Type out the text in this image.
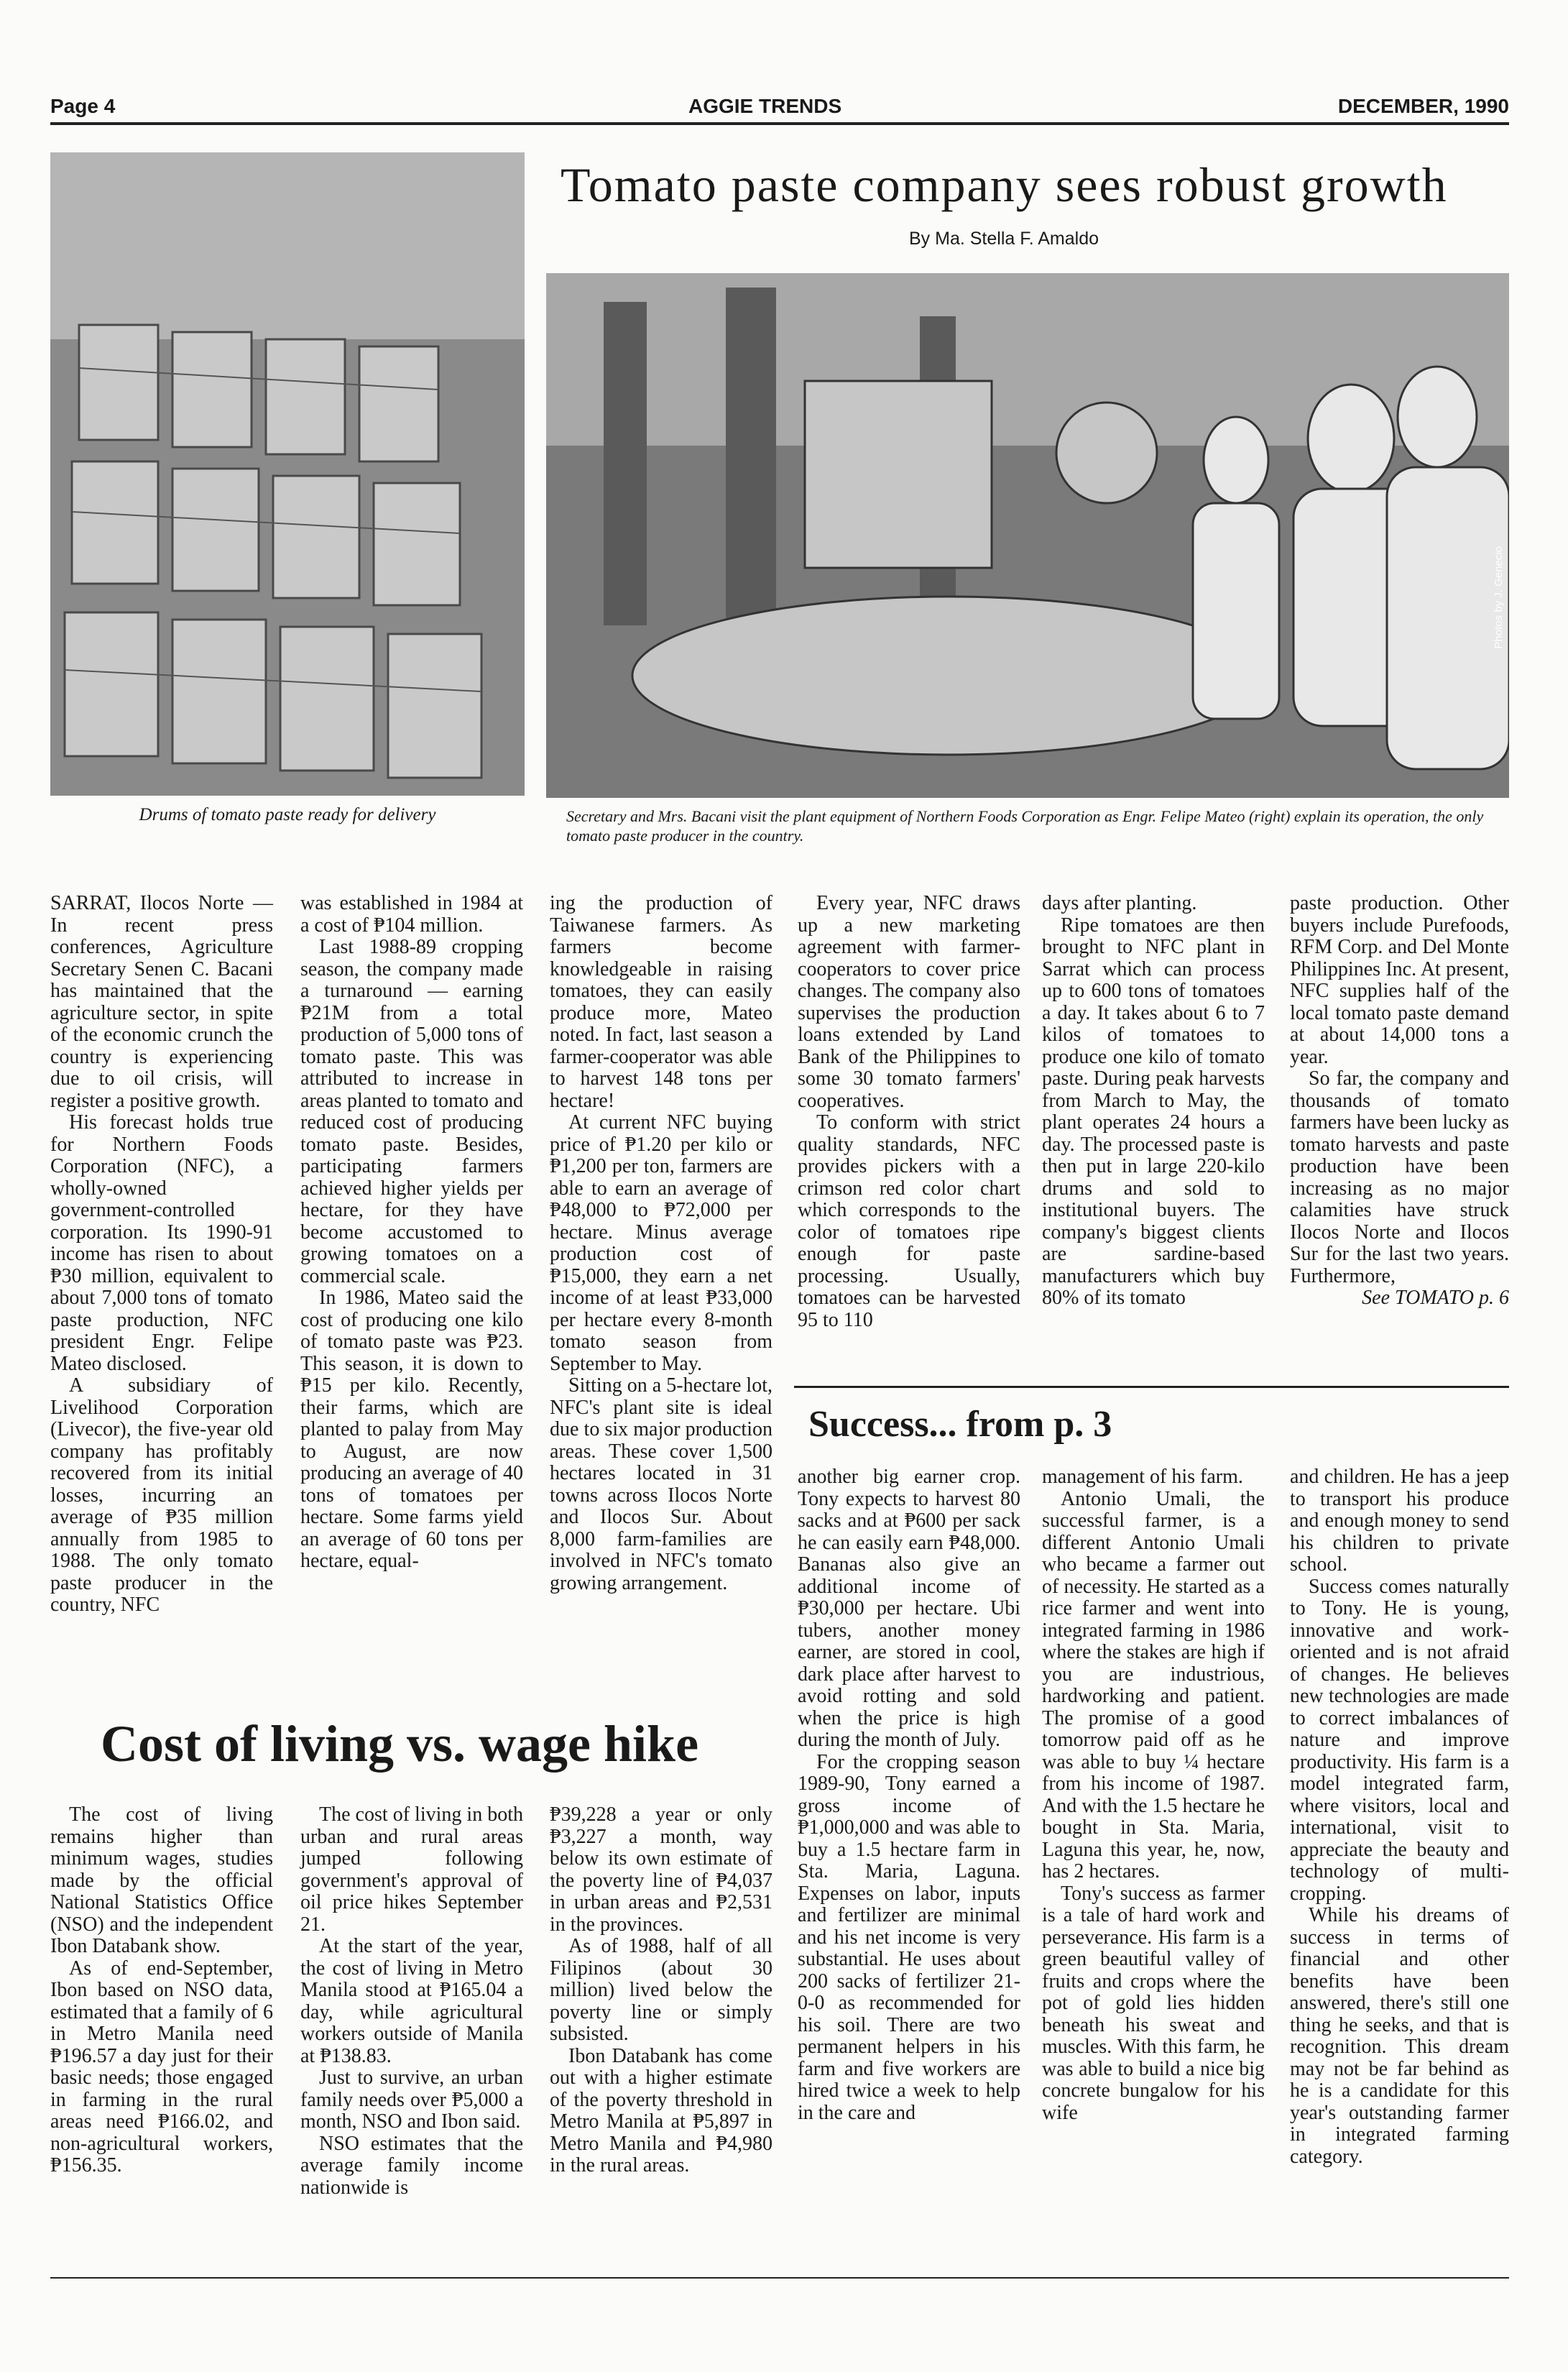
Page 4	AGGIE TRENDS	DECEMBER, 1990
Drums of tomato paste ready for delivery
Tomato paste company sees robust growth
By Ma. Stella F. Amaldo
Photos by J. Genecio
Secretary and Mrs. Bacani visit the plant equipment of Northern Foods Corporation as Engr. Felipe Mateo (right) explain its operation, the only tomato paste producer in the country.

SARRAT, Ilocos Norte — In recent press conferences, Agriculture Secretary Senen C. Bacani has maintained that the agriculture sector, in spite of the economic crunch the country is experiencing due to oil crisis, will register a positive growth.

His forecast holds true for Northern Foods Corporation (NFC), a wholly-owned government-controlled corporation. Its 1990-91 income has risen to about ₱30 million, equivalent to about 7,000 tons of tomato paste production, NFC president Engr. Felipe Mateo disclosed.

A subsidiary of Livelihood Corporation (Livecor), the five-year old company has profitably recovered from its initial losses, incurring an average of ₱35 million annually from 1985 to 1988. The only tomato paste producer in the country, NFC

was established in 1984 at a cost of ₱104 million.

Last 1988-89 cropping season, the company made a turnaround — earning ₱21M from a total production of 5,000 tons of tomato paste. This was attributed to increase in areas planted to tomato and reduced cost of producing tomato paste. Besides, participating farmers achieved higher yields per hectare, for they have become accustomed to growing tomatoes on a commercial scale.

In 1986, Mateo said the cost of producing one kilo of tomato paste was ₱23. This season, it is down to ₱15 per kilo. Recently, their farms, which are planted to palay from May to August, are now producing an average of 40 tons of tomatoes per hectare. Some farms yield an average of 60 tons per hectare, equal-

ing the production of Taiwanese farmers. As farmers become knowledgeable in raising tomatoes, they can easily produce more, Mateo noted. In fact, last season a farmer-cooperator was able to harvest 148 tons per hectare!

At current NFC buying price of ₱1.20 per kilo or ₱1,200 per ton, farmers are able to earn an average of ₱48,000 to ₱72,000 per hectare. Minus average production cost of ₱15,000, they earn a net income of at least ₱33,000 per hectare every 8-month tomato season from September to May.

Sitting on a 5-hectare lot, NFC's plant site is ideal due to six major production areas. These cover 1,500 hectares located in 31 towns across Ilocos Norte and Ilocos Sur. About 8,000 farm-families are involved in NFC's tomato growing arrangement.

Every year, NFC draws up a new marketing agreement with farmer-cooperators to cover price changes. The company also supervises the production loans extended by Land Bank of the Philippines to some 30 tomato farmers' cooperatives.

To conform with strict quality standards, NFC provides pickers with a crimson red color chart which corresponds to the color of tomatoes ripe enough for paste processing. Usually, tomatoes can be harvested 95 to 110

days after planting.

Ripe tomatoes are then brought to NFC plant in Sarrat which can process up to 600 tons of tomatoes a day. It takes about 6 to 7 kilos of tomatoes to produce one kilo of tomato paste. During peak harvests from March to May, the plant operates 24 hours a day. The processed paste is then put in large 220-kilo drums and sold to institutional buyers. The company's biggest clients are sardine-based manufacturers which buy 80% of its tomato

paste production. Other buyers include Purefoods, RFM Corp. and Del Monte Philippines Inc. At present, NFC supplies half of the local tomato paste demand at about 14,000 tons a year.

So far, the company and thousands of tomato farmers have been lucky as tomato harvests and paste production have been increasing as no major calamities have struck Ilocos Norte and Ilocos Sur for the last two years. Furthermore,

See TOMATO p. 6

Success... from p. 3

another big earner crop. Tony expects to harvest 80 sacks and at ₱600 per sack he can easily earn ₱48,000. Bananas also give an additional income of ₱30,000 per hectare. Ubi tubers, another money earner, are stored in cool, dark place after harvest to avoid rotting and sold when the price is high during the month of July.

For the cropping season 1989-90, Tony earned a gross income of ₱1,000,000 and was able to buy a 1.5 hectare farm in Sta. Maria, Laguna. Expenses on labor, inputs and fertilizer are minimal and his net income is very substantial. He uses about 200 sacks of fertilizer 21-0-0 as recommended for his soil. There are two permanent helpers in his farm and five workers are hired twice a week to help in the care and

management of his farm.

Antonio Umali, the successful farmer, is a different Antonio Umali who became a farmer out of necessity. He started as a rice farmer and went into integrated farming in 1986 where the stakes are high if you are industrious, hardworking and patient. The promise of a good tomorrow paid off as he was able to buy ¼ hectare from his income of 1987. And with the 1.5 hectare he bought in Sta. Maria, Laguna this year, he, now, has 2 hectares.

Tony's success as farmer is a tale of hard work and perseverance. His farm is a green beautiful valley of fruits and crops where the pot of gold lies hidden beneath his sweat and muscles. With this farm, he was able to build a nice big concrete bungalow for his wife

and children. He has a jeep to transport his produce and enough money to send his children to private school.

Success comes naturally to Tony. He is young, innovative and work-oriented and is not afraid of changes. He believes new technologies are made to correct imbalances of nature and improve productivity. His farm is a model integrated farm, where visitors, local and international, visit to appreciate the beauty and technology of multi-cropping.

While his dreams of success in terms of financial and other benefits have been answered, there's still one thing he seeks, and that is recognition. This dream may not be far behind as he is a candidate for this year's outstanding farmer in integrated farming category.

Cost of living vs. wage hike

The cost of living remains higher than minimum wages, studies made by the official National Statistics Office (NSO) and the independent Ibon Databank show.

As of end-September, Ibon based on NSO data, estimated that a family of 6 in Metro Manila need ₱196.57 a day just for their basic needs; those engaged in farming in the rural areas need ₱166.02, and non-agricultural workers, ₱156.35.

The cost of living in both urban and rural areas jumped following government's approval of oil price hikes September 21.

At the start of the year, the cost of living in Metro Manila stood at ₱165.04 a day, while agricultural workers outside of Manila at ₱138.83.

Just to survive, an urban family needs over ₱5,000 a month, NSO and Ibon said.

NSO estimates that the average family income nationwide is

₱39,228 a year or only ₱3,227 a month, way below its own estimate of the poverty line of ₱4,037 in urban areas and ₱2,531 in the provinces.

As of 1988, half of all Filipinos (about 30 million) lived below the poverty line or simply subsisted.

Ibon Databank has come out with a higher estimate of the poverty threshold in Metro Manila at ₱5,897 in Metro Manila and ₱4,980 in the rural areas.
